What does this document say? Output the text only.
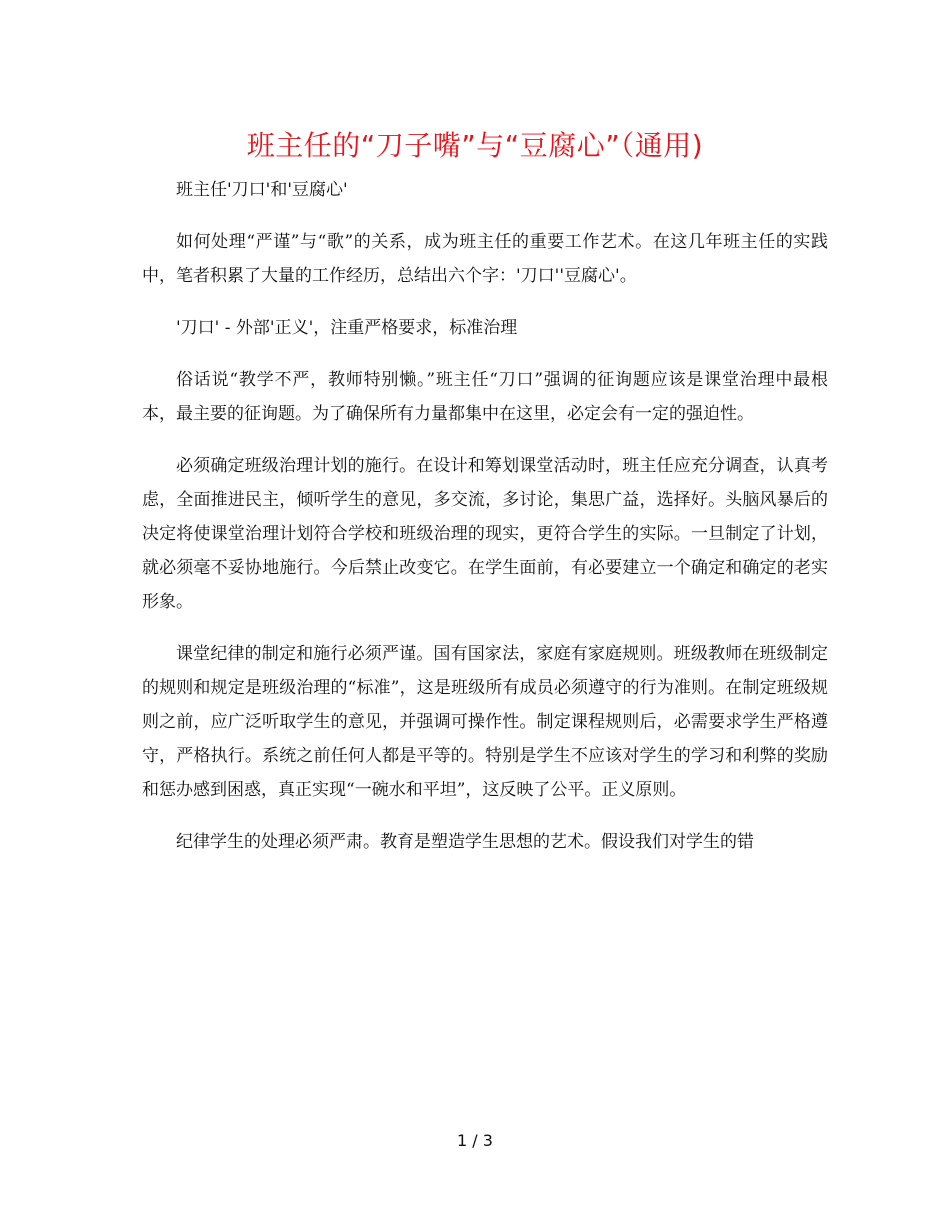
班主任的“刀子嘴”与“豆腐心”（通用)

班主任'刀口'和'豆腐心'

如何处理“严谨”与“歌”的关系，成为班主任的重要工作艺术。在这几年班主任的实践中，笔者积累了大量的工作经历，总结出六个字：'刀口''豆腐心'。

'刀口' - 外部'正义'，注重严格要求，标准治理

俗话说“教学不严，教师特别懒。”班主任“刀口”强调的征询题应该是课堂治理中最根本，最主要的征询题。为了确保所有力量都集中在这里，必定会有一定的强迫性。

必须确定班级治理计划的施行。在设计和筹划课堂活动时，班主任应充分调查，认真考虑，全面推进民主，倾听学生的意见，多交流，多讨论，集思广益，选择好。头脑风暴后的决定将使课堂治理计划符合学校和班级治理的现实，更符合学生的实际。一旦制定了计划，就必须毫不妥协地施行。今后禁止改变它。在学生面前，有必要建立一个确定和确定的老实形象。

课堂纪律的制定和施行必须严谨。国有国家法，家庭有家庭规则。班级教师在班级制定的规则和规定是班级治理的“标准”，这是班级所有成员必须遵守的行为准则。在制定班级规则之前，应广泛听取学生的意见，并强调可操作性。制定课程规则后，必需要求学生严格遵守，严格执行。系统之前任何人都是平等的。特别是学生不应该对学生的学习和利弊的奖励和惩办感到困惑，真正实现“一碗水和平坦”，这反映了公平。正义原则。

纪律学生的处理必须严肃。教育是塑造学生思想的艺术。假设我们对学生的错

1 / 3
